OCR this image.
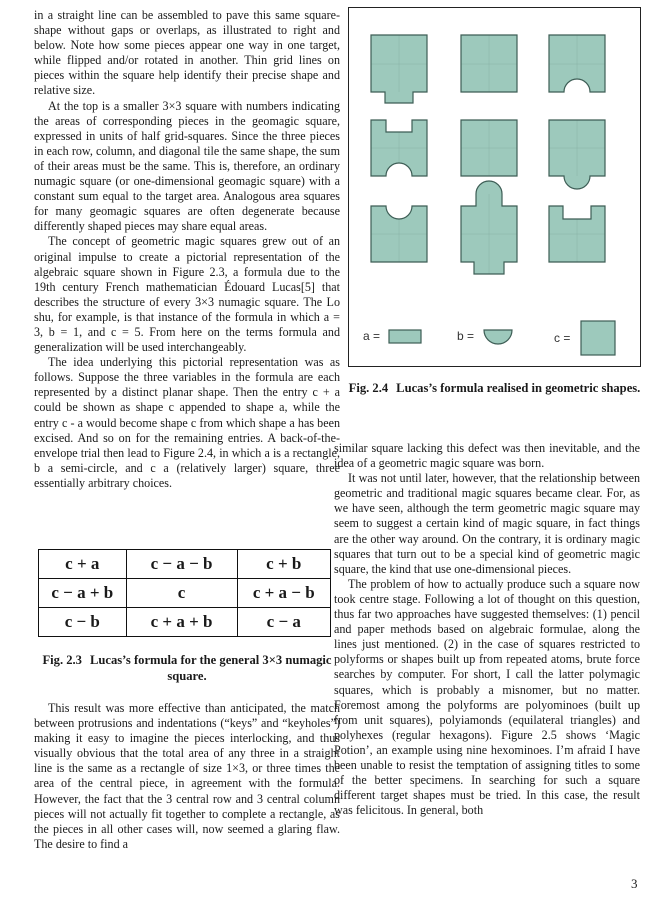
in a straight line can be assembled to pave this same square-shape without gaps or overlaps, as illustrated to right and below. Note how some pieces appear one way in one target, while flipped and/or rotated in another. Thin grid lines on pieces within the square help identify their precise shape and relative size.

At the top is a smaller 3×3 square with numbers indicating the areas of corresponding pieces in the geomagic square, expressed in units of half grid-squares. Since the three pieces in each row, column, and diagonal tile the same shape, the sum of their areas must be the same. This is, therefore, an ordinary numagic square (or one-dimensional geomagic square) with a constant sum equal to the target area. Analogous area squares for many geomagic squares are often degenerate because differently shaped pieces may share equal areas.

The concept of geometric magic squares grew out of an original impulse to create a pictorial representation of the algebraic square shown in Figure 2.3, a formula due to the 19th century French mathematician Édouard Lucas[5] that describes the structure of every 3×3 numagic square. The Lo shu, for example, is that instance of the formula in which a = 3, b = 1, and c = 5. From here on the terms formula and generalization will be used interchangeably.

The idea underlying this pictorial representation was as follows. Suppose the three variables in the formula are each represented by a distinct planar shape. Then the entry c + a could be shown as shape c appended to shape a, while the entry c - a would become shape c from which shape a has been excised. And so on for the remaining entries. A back-of-the-envelope trial then lead to Figure 2.4, in which a is a rectangle, b a semi-circle, and c a (relatively larger) square, three essentially arbitrary choices.

a =	b =	c =
Fig. 2.4 Lucas’s formula realised in geometric shapes.

similar square lacking this defect was then inevitable, and the idea of a geometric magic square was born.

It was not until later, however, that the relationship between geometric and traditional magic squares became clear. For, as we have seen, although the term geometric magic square may seem to suggest a certain kind of magic square, in fact things are the other way around. On the contrary, it is ordinary magic squares that turn out to be a special kind of geometric magic square, the kind that use one-dimensional pieces.

The problem of how to actually produce such a square now took centre stage. Following a lot of thought on this question, thus far two approaches have suggested themselves: (1) pencil and paper methods based on algebraic formulae, along the lines just mentioned. (2) in the case of squares restricted to polyforms or shapes built up from repeated atoms, brute force searches by computer. For short, I call the latter polymagic squares, which is probably a misnomer, but no matter. Foremost among the polyforms are polyominoes (built up from unit squares), polyiamonds (equilateral triangles) and polyhexes (regular hexagons). Figure 2.5 shows ‘Magic Potion’, an example using nine hexominoes. I’m afraid I have been unable to resist the temptation of assigning titles to some of the better specimens. In searching for such a square different target shapes must be tried. In this case, the result was felicitous. In general, both

c + a	c − a − b	c + b
c − a + b	c	c + a − b
c − b	c + a + b	c − a
Fig. 2.3 Lucas’s formula for the general 3×3 numagic square.

This result was more effective than anticipated, the match between protrusions and indentations (“keys” and “keyholes”) making it easy to imagine the pieces interlocking, and thus visually obvious that the total area of any three in a straight line is the same as a rectangle of size 1×3, or three times the area of the central piece, in agreement with the formula. However, the fact that the 3 central row and 3 central column pieces will not actually fit together to complete a rectangle, as the pieces in all other cases will, now seemed a glaring flaw. The desire to find a

3
